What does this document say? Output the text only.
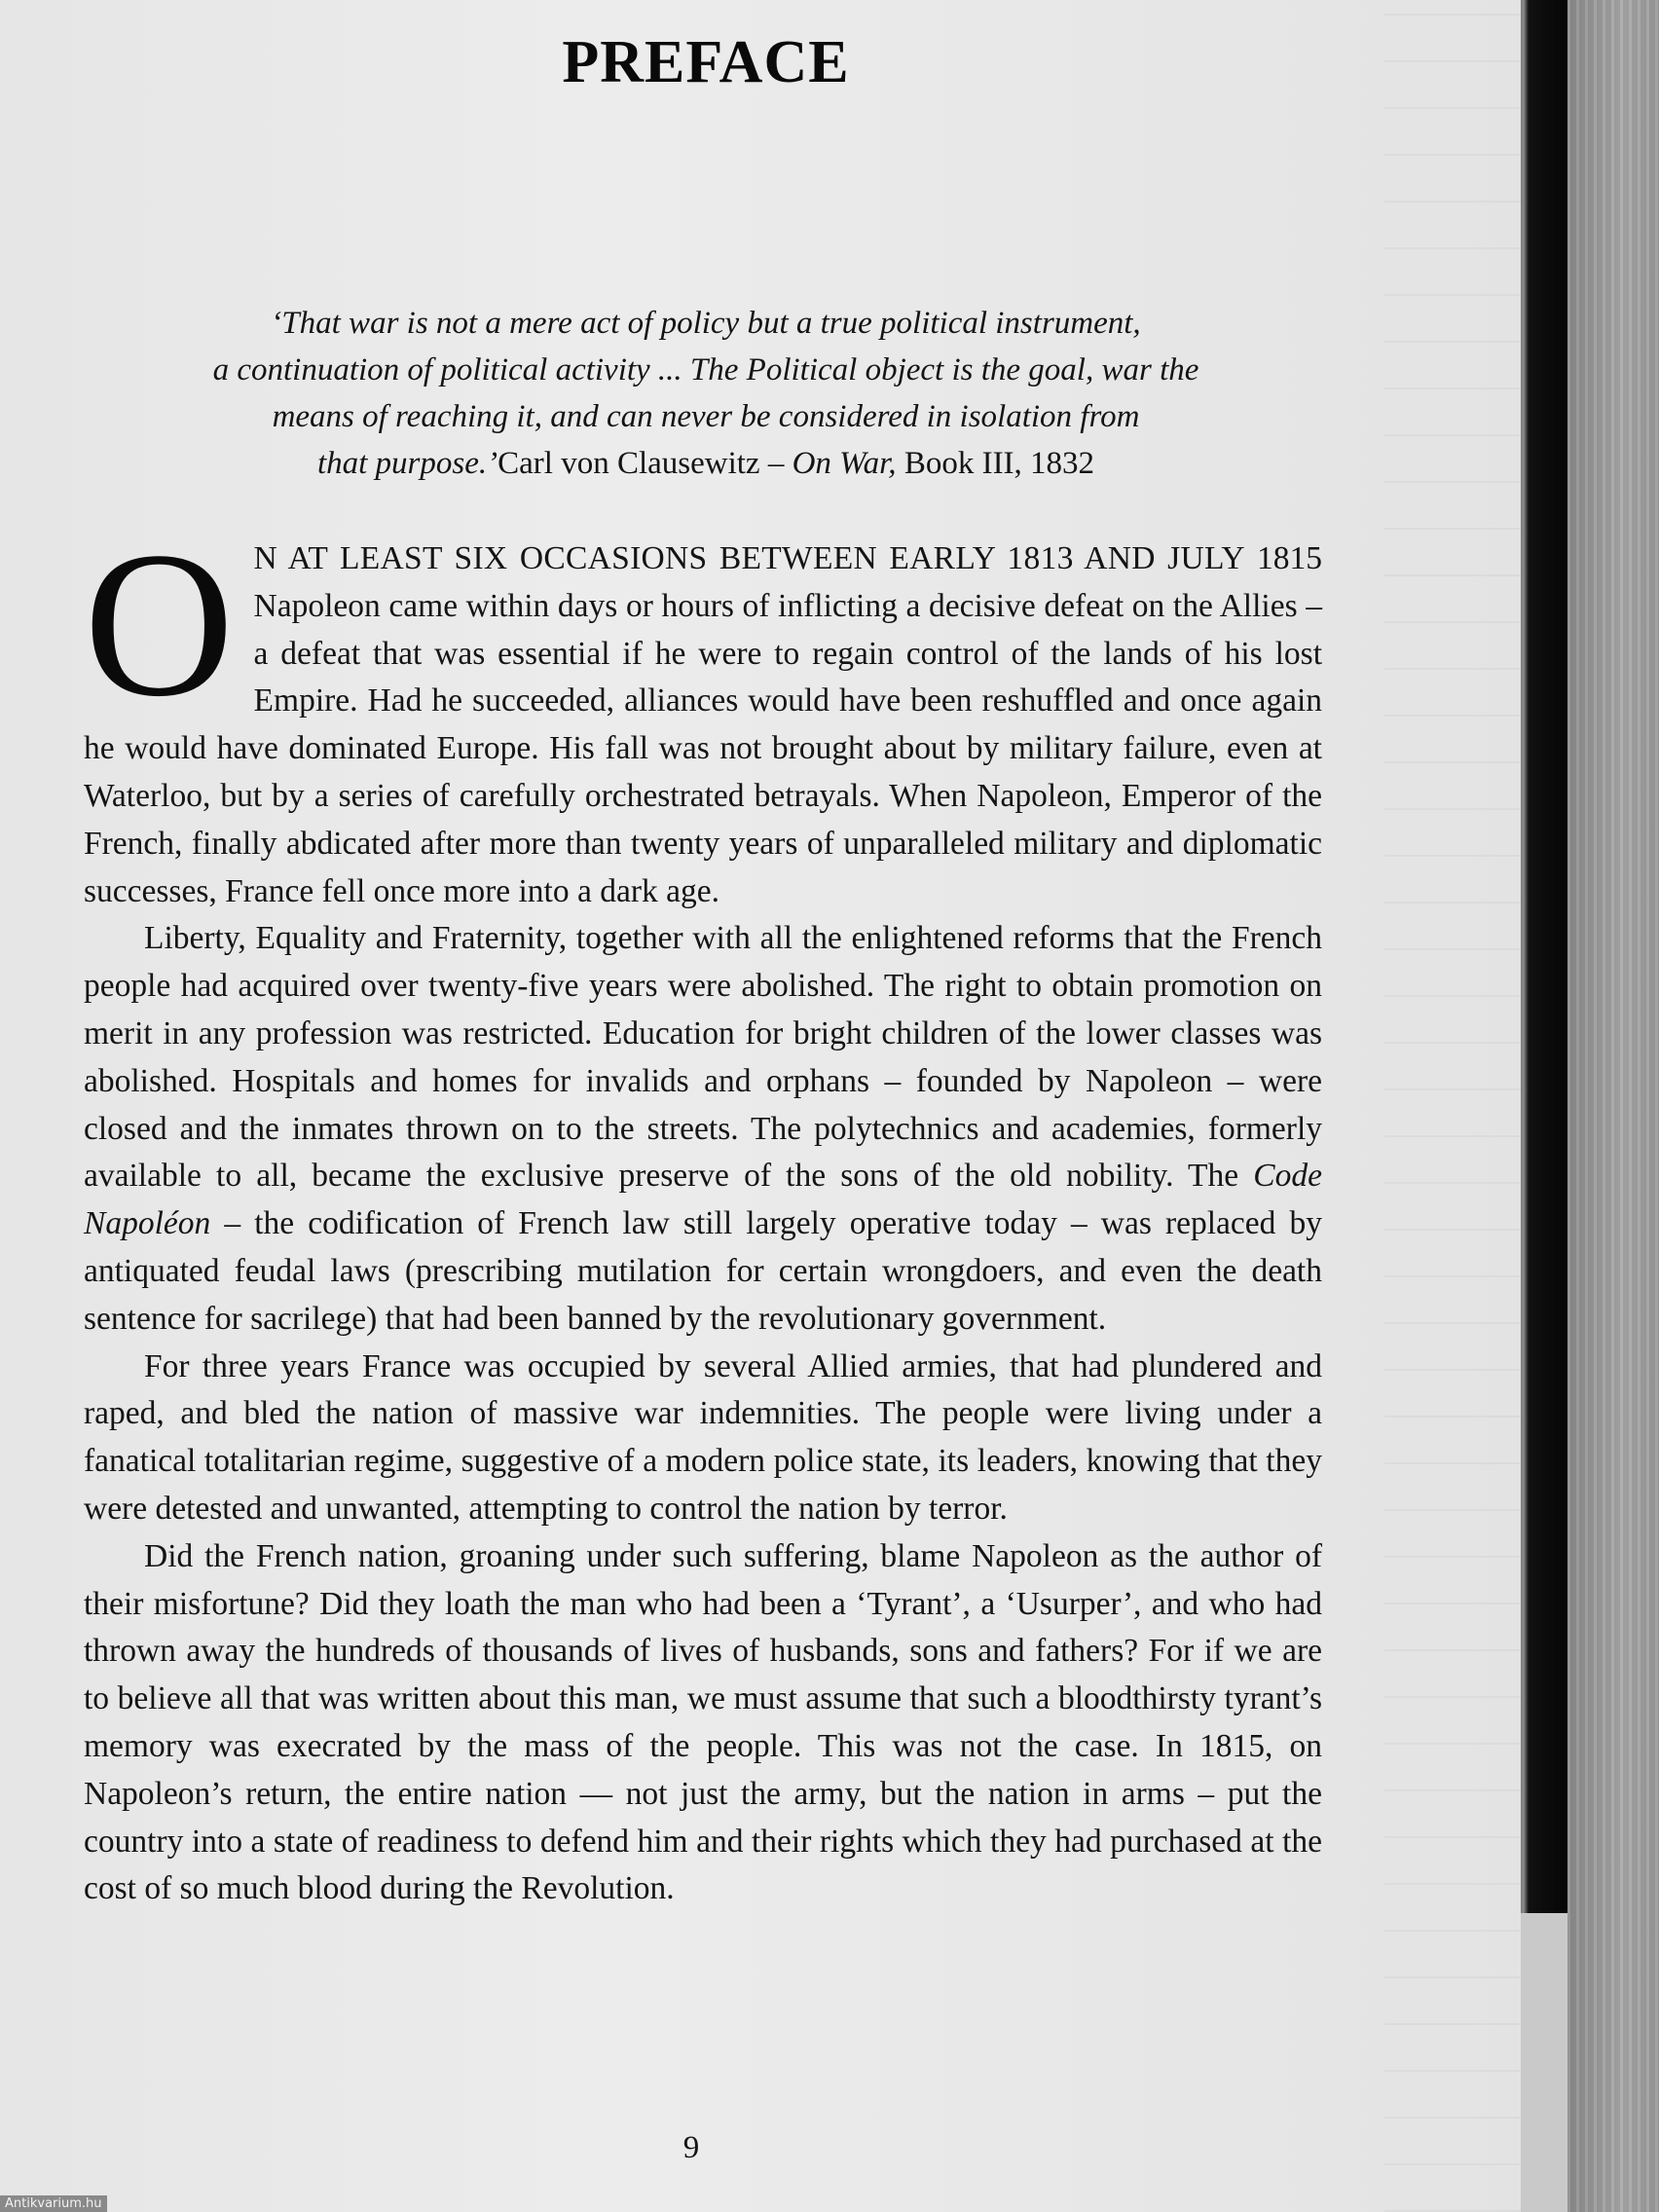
PREFACE
‘That war is not a mere act of policy but a true political instrument,
a continuation of political activity ... The Political object is the goal, war the
means of reaching it, and can never be considered in isolation from
that purpose.’Carl von Clausewitz – On War, Book III, 1832

O N AT LEAST SIX OCCASIONS BETWEEN EARLY 1813 AND JULY 1815 Napoleon came within days or hours of inflicting a decisive defeat on the Allies – a defeat that was essential if he were to regain control of the lands of his lost Empire. Had he succeeded, alliances would have been reshuffled and once again he would have dominated Europe. His fall was not brought about by military failure, even at Waterloo, but by a series of carefully orchestrated betrayals. When Napoleon, Emperor of the French, finally abdicated after more than twenty years of unparalleled military and diplomatic successes, France fell once more into a dark age.

Liberty, Equality and Fraternity, together with all the enlightened reforms that the French people had acquired over twenty-five years were abolished. The right to obtain promotion on merit in any profession was restricted. Education for bright children of the lower classes was abolished. Hospitals and homes for invalids and orphans – founded by Napoleon – were closed and the inmates thrown on to the streets. The polytechnics and academies, formerly available to all, became the exclusive preserve of the sons of the old nobility. The Code Napoléon – the codification of French law still largely operative today – was replaced by antiquated feudal laws (prescribing mutilation for certain wrongdoers, and even the death sentence for sacrilege) that had been banned by the revolutionary government.

For three years France was occupied by several Allied armies, that had plundered and raped, and bled the nation of massive war indemnities. The people were living under a fanatical totalitarian regime, suggestive of a modern police state, its leaders, knowing that they were detested and unwanted, attempting to control the nation by terror.

Did the French nation, groaning under such suffering, blame Napoleon as the author of their misfortune? Did they loath the man who had been a ‘Tyrant’, a ‘Usurper’, and who had thrown away the hundreds of thousands of lives of husbands, sons and fathers? For if we are to believe all that was written about this man, we must assume that such a bloodthirsty tyrant’s memory was execrated by the mass of the people. This was not the case. In 1815, on Napoleon’s return, the entire nation — not just the army, but the nation in arms – put the country into a state of readiness to defend him and their rights which they had purchased at the cost of so much blood during the Revolution.

9
Antikvarium.hu
